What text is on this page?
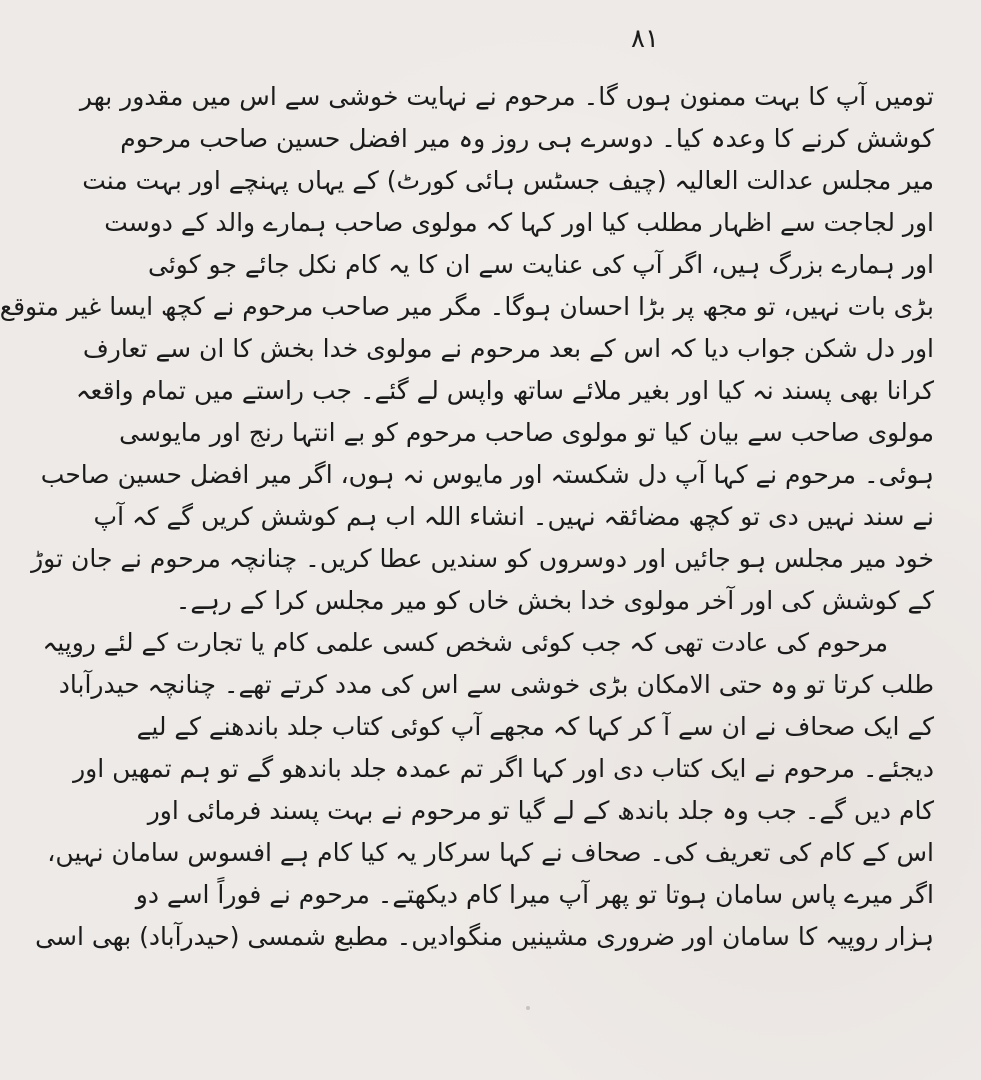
۸۱
تومیں آپ کا بہت ممنون ہوں گا۔ مرحوم نے نہایت خوشی سے اس میں مقدور بھر
کوشش کرنے کا وعدہ کیا۔ دوسرے ہی روز وہ میر افضل حسین صاحب مرحوم
میر مجلس عدالت العالیہ (چیف جسٹس ہائی کورٹ) کے یہاں پہنچے اور بہت منت
اور لجاجت سے اظہار مطلب کیا اور کہا کہ مولوی صاحب ہمارے والد کے دوست
اور ہمارے بزرگ ہیں، اگر آپ کی عنایت سے ان کا یہ کام نکل جائے جو کوئی
بڑی بات نہیں، تو مجھ پر بڑا احسان ہوگا۔ مگر میر صاحب مرحوم نے کچھ ایسا غیر متوقع
اور دل شکن جواب دیا کہ اس کے بعد مرحوم نے مولوی خدا بخش کا ان سے تعارف
کرانا بھی پسند نہ کیا اور بغیر ملائے ساتھ واپس لے گئے۔ جب راستے میں تمام واقعہ
مولوی صاحب سے بیان کیا تو مولوی صاحب مرحوم کو بے انتہا رنج اور مایوسی
ہوئی۔ مرحوم نے کہا آپ دل شکستہ اور مایوس نہ ہوں، اگر میر افضل حسین صاحب
نے سند نہیں دی تو کچھ مضائقہ نہیں۔ انشاء اللہ اب ہم کوشش کریں گے کہ آپ
خود میر مجلس ہو جائیں اور دوسروں کو سندیں عطا کریں۔ چنانچہ مرحوم نے جان توڑ
کے کوشش کی اور آخر مولوی خدا بخش خاں کو میر مجلس کرا کے رہے۔
مرحوم کی عادت تھی کہ جب کوئی شخص کسی علمی کام یا تجارت کے لئے روپیہ
طلب کرتا تو وہ حتی الامکان بڑی خوشی سے اس کی مدد کرتے تھے۔ چنانچہ حیدرآباد
کے ایک صحاف نے ان سے آ کر کہا کہ مجھے آپ کوئی کتاب جلد باندھنے کے لیے
دیجئے۔ مرحوم نے ایک کتاب دی اور کہا اگر تم عمدہ جلد باندھو گے تو ہم تمھیں اور
کام دیں گے۔ جب وہ جلد باندھ کے لے گیا تو مرحوم نے بہت پسند فرمائی اور
اس کے کام کی تعریف کی۔ صحاف نے کہا سرکار یہ کیا کام ہے افسوس سامان نہیں،
اگر میرے پاس سامان ہوتا تو پھر آپ میرا کام دیکھتے۔ مرحوم نے فوراً اسے دو
ہزار روپیہ کا سامان اور ضروری مشینیں منگوادیں۔ مطبع شمسی (حیدرآباد) بھی اسی
